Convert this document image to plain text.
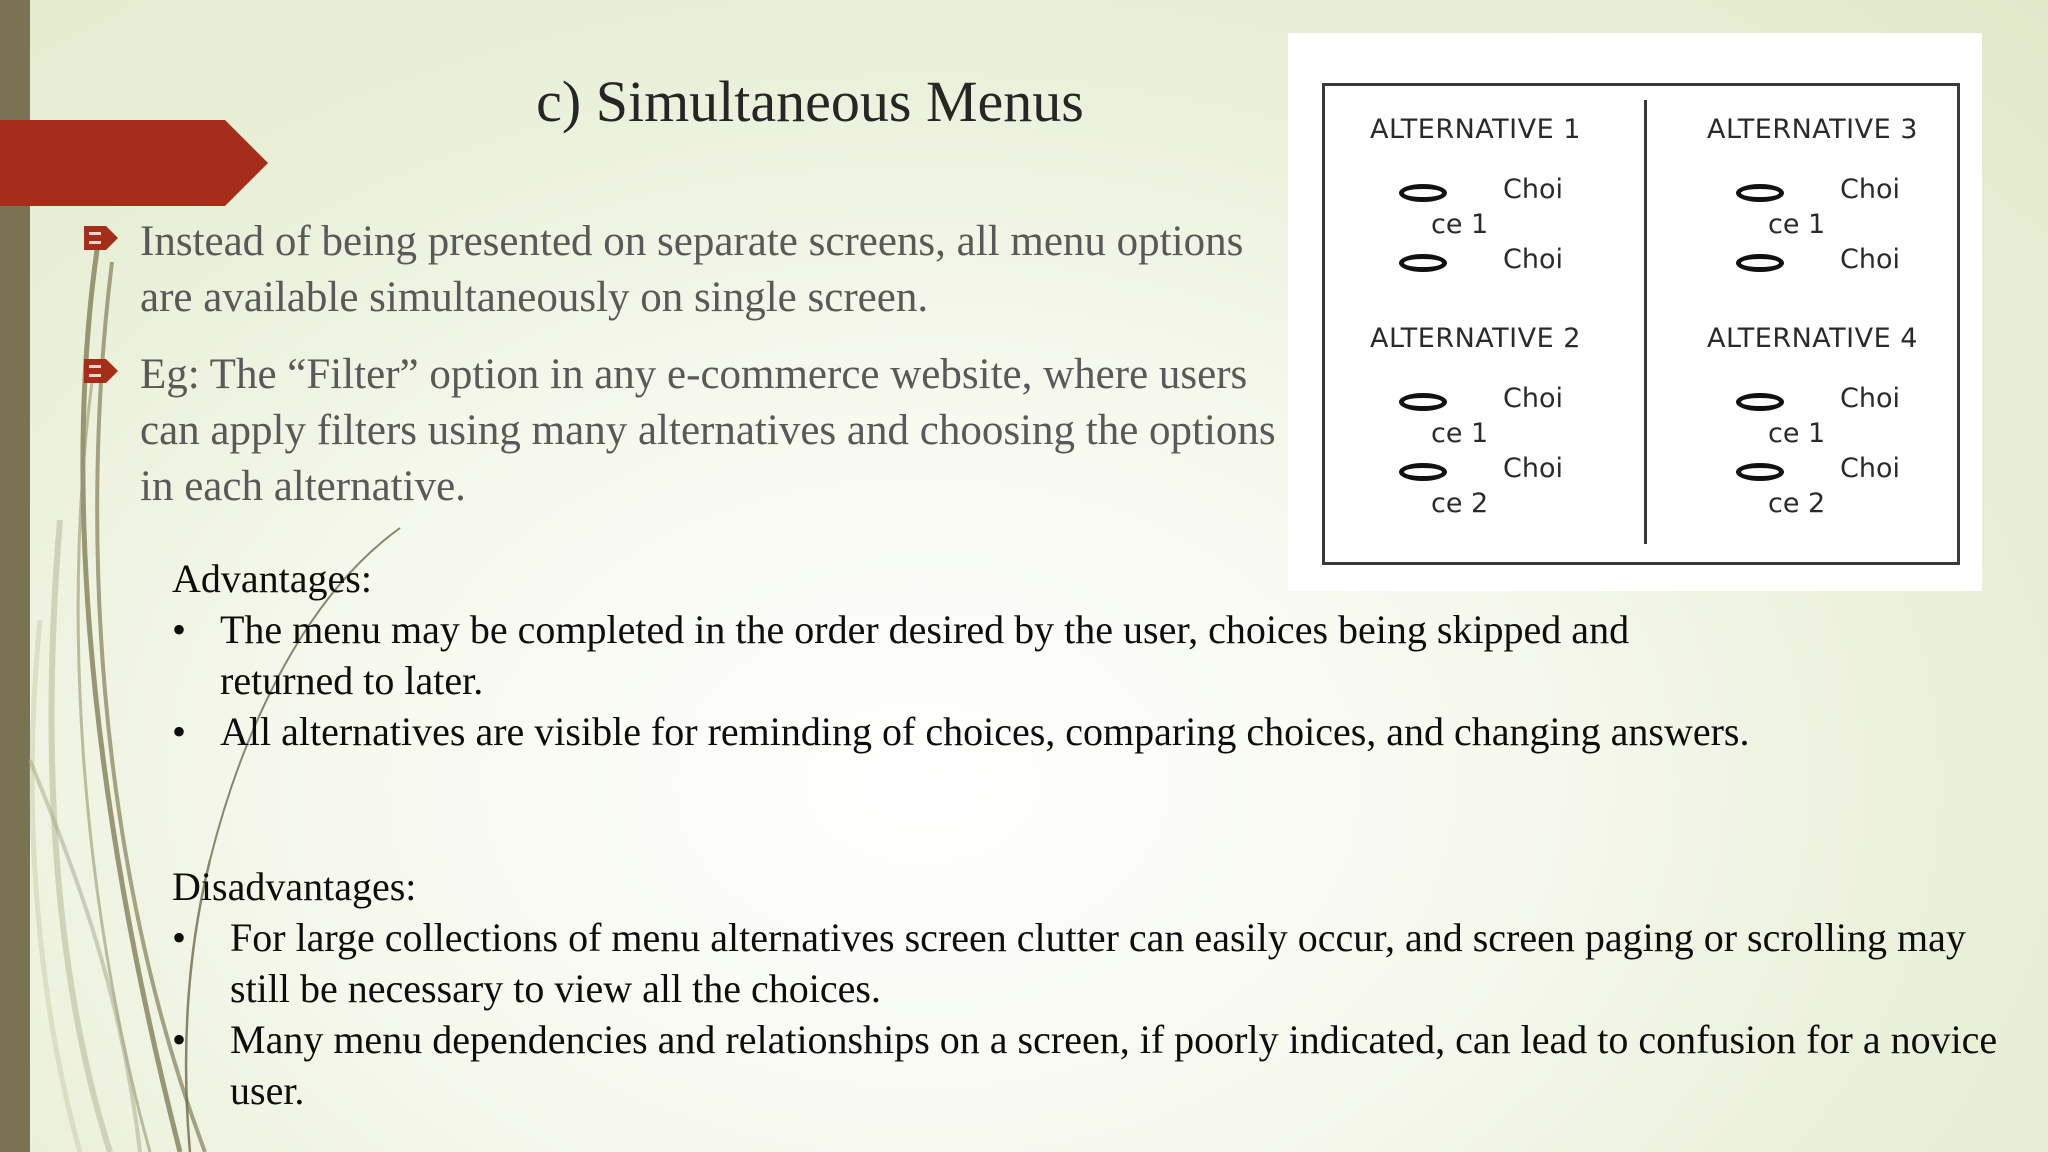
c) Simultaneous Menus
Instead of being presented on separate screens, all menu options are available simultaneously on single screen.
Eg: The “Filter” option in any e-commerce website, where users can apply filters using many alternatives and choosing the options in each alternative.
ALTERNATIVE 1
Choi
ce 1
Choi
ALTERNATIVE 3
Choi
ce 1
Choi
ALTERNATIVE 2
Choi
ce 1
Choi
ce 2
ALTERNATIVE 4
Choi
ce 1
Choi
ce 2
Advantages:
• The menu may be completed in the order desired by the user, choices being skipped and returned to later.
• All alternatives are visible for reminding of choices, comparing choices, and changing answers.
Disadvantages:
• For large collections of menu alternatives screen clutter can easily occur, and screen paging or scrolling may still be necessary to view all the choices.
• Many menu dependencies and relationships on a screen, if poorly indicated, can lead to confusion for a novice user.
